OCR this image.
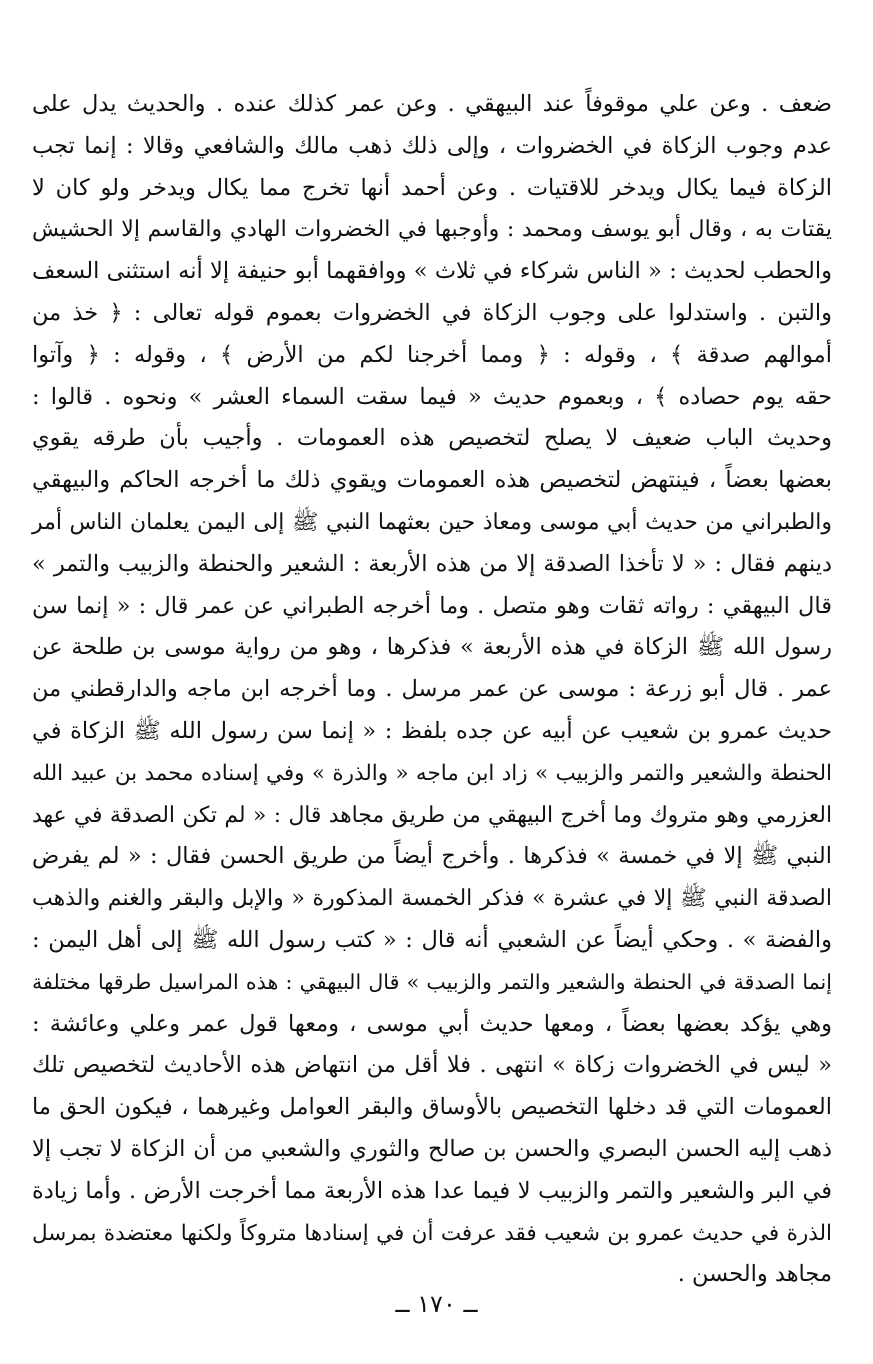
ضعف . وعن علي موقوفاً عند البيهقي . وعن عمر كذلك عنده . والحديث يدل على
عدم وجوب الزكاة في الخضروات ، وإلى ذلك ذهب مالك والشافعي وقالا : إنما تجب
الزكاة فيما يكال ويدخر للاقتيات . وعن أحمد أنها تخرج مما يكال ويدخر ولو كان لا
يقتات به ، وقال أبو يوسف ومحمد : وأوجبها في الخضروات الهادي والقاسم إلا الحشيش
والحطب لحديث : « الناس شركاء في ثلاث » ووافقهما أبو حنيفة إلا أنه استثنى السعف
والتبن . واستدلوا على وجوب الزكاة في الخضروات بعموم قوله تعالى : ﴿ خذ من
أموالهم صدقة ﴾ ، وقوله : ﴿ ومما أخرجنا لكم من الأرض ﴾ ، وقوله : ﴿ وآتوا
حقه يوم حصاده ﴾ ، وبعموم حديث « فيما سقت السماء العشر » ونحوه . قالوا :
وحديث الباب ضعيف لا يصلح لتخصيص هذه العمومات . وأجيب بأن طرقه يقوي
بعضها بعضاً ، فينتهض لتخصيص هذه العمومات ويقوي ذلك ما أخرجه الحاكم والبيهقي
والطبراني من حديث أبي موسى ومعاذ حين بعثهما النبي ﷺ إلى اليمن يعلمان الناس أمر
دينهم فقال : « لا تأخذا الصدقة إلا من هذه الأربعة : الشعير والحنطة والزبيب والتمر »
قال البيهقي : رواته ثقات وهو متصل . وما أخرجه الطبراني عن عمر قال : « إنما سن
رسول الله ﷺ الزكاة في هذه الأربعة » فذكرها ، وهو من رواية موسى بن طلحة عن
عمر . قال أبو زرعة : موسى عن عمر مرسل . وما أخرجه ابن ماجه والدارقطني من
حديث عمرو بن شعيب عن أبيه عن جده بلفظ : « إنما سن رسول الله ﷺ الزكاة في
الحنطة والشعير والتمر والزبيب » زاد ابن ماجه « والذرة » وفي إسناده محمد بن عبيد الله
العزرمي وهو متروك وما أخرج البيهقي من طريق مجاهد قال : « لم تكن الصدقة في عهد
النبي ﷺ إلا في خمسة » فذكرها . وأخرج أيضاً من طريق الحسن فقال : « لم يفرض
الصدقة النبي ﷺ إلا في عشرة » فذكر الخمسة المذكورة « والإبل والبقر والغنم والذهب
والفضة » . وحكي أيضاً عن الشعبي أنه قال : « كتب رسول الله ﷺ إلى أهل اليمن :
إنما الصدقة في الحنطة والشعير والتمر والزبيب » قال البيهقي : هذه المراسيل طرقها مختلفة
وهي يؤكد بعضها بعضاً ، ومعها حديث أبي موسى ، ومعها قول عمر وعلي وعائشة :
« ليس في الخضروات زكاة » انتهى . فلا أقل من انتهاض هذه الأحاديث لتخصيص تلك
العمومات التي قد دخلها التخصيص بالأوساق والبقر العوامل وغيرهما ، فيكون الحق ما
ذهب إليه الحسن البصري والحسن بن صالح والثوري والشعبي من أن الزكاة لا تجب إلا
في البر والشعير والتمر والزبيب لا فيما عدا هذه الأربعة مما أخرجت الأرض . وأما زيادة
الذرة في حديث عمرو بن شعيب فقد عرفت أن في إسنادها متروكاً ولكنها معتضدة بمرسل
مجاهد والحسن .
ــ ١٧٠ ــ
